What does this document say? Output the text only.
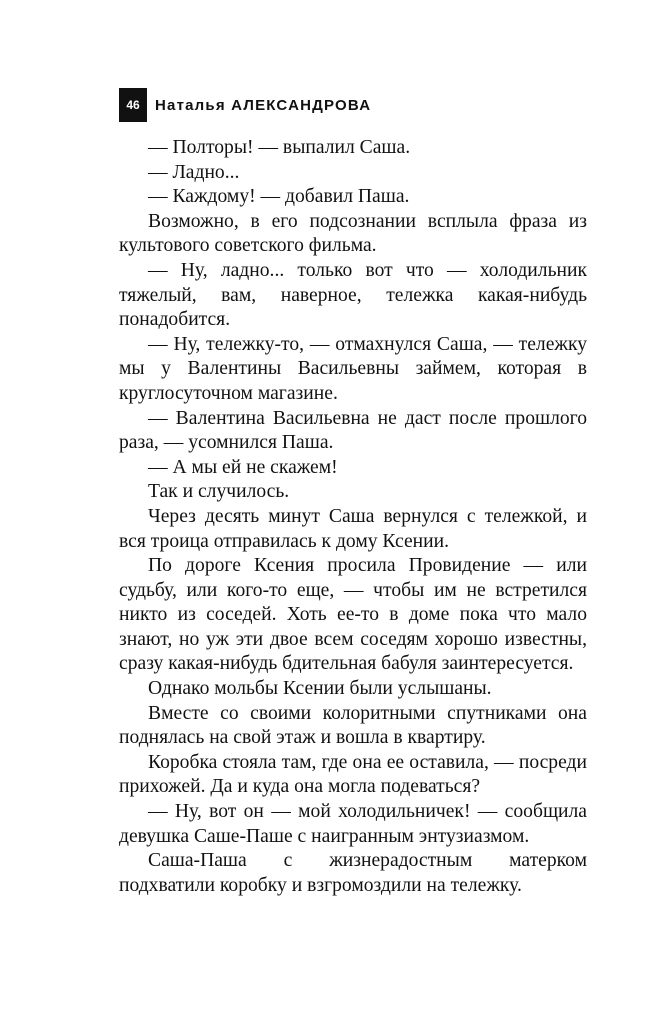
46	Наталья АЛЕКСАНДРОВА

— Полторы! — выпалил Саша.

— Ладно...

— Каждому! — добавил Паша.

Возможно, в его подсознании всплыла фраза из культового советского фильма.

— Ну, ладно... только вот что — холодильник тяжелый, вам, наверное, тележка какая-нибудь понадобится.

— Ну, тележку-то, — отмахнулся Саша, — тележку мы у Валентины Васильевны займем, которая в круглосуточном магазине.

— Валентина Васильевна не даст после прошлого раза, — усомнился Паша.

— А мы ей не скажем!

Так и случилось.

Через десять минут Саша вернулся с тележкой, и вся троица отправилась к дому Ксении.

По дороге Ксения просила Провидение — или судьбу, или кого-то еще, — чтобы им не встретился никто из соседей. Хоть ее-то в доме пока что мало знают, но уж эти двое всем соседям хорошо известны, сразу какая-нибудь бдительная бабуля заинтересуется.

Однако мольбы Ксении были услышаны.

Вместе со своими колоритными спутниками она поднялась на свой этаж и вошла в квартиру.

Коробка стояла там, где она ее оставила, — посреди прихожей. Да и куда она могла подеваться?

— Ну, вот он — мой холодильничек! — сообщила девушка Саше-Паше с наигранным энтузиазмом.

Саша-Паша с жизнерадостным матерком подхватили коробку и взгромоздили на тележку.
